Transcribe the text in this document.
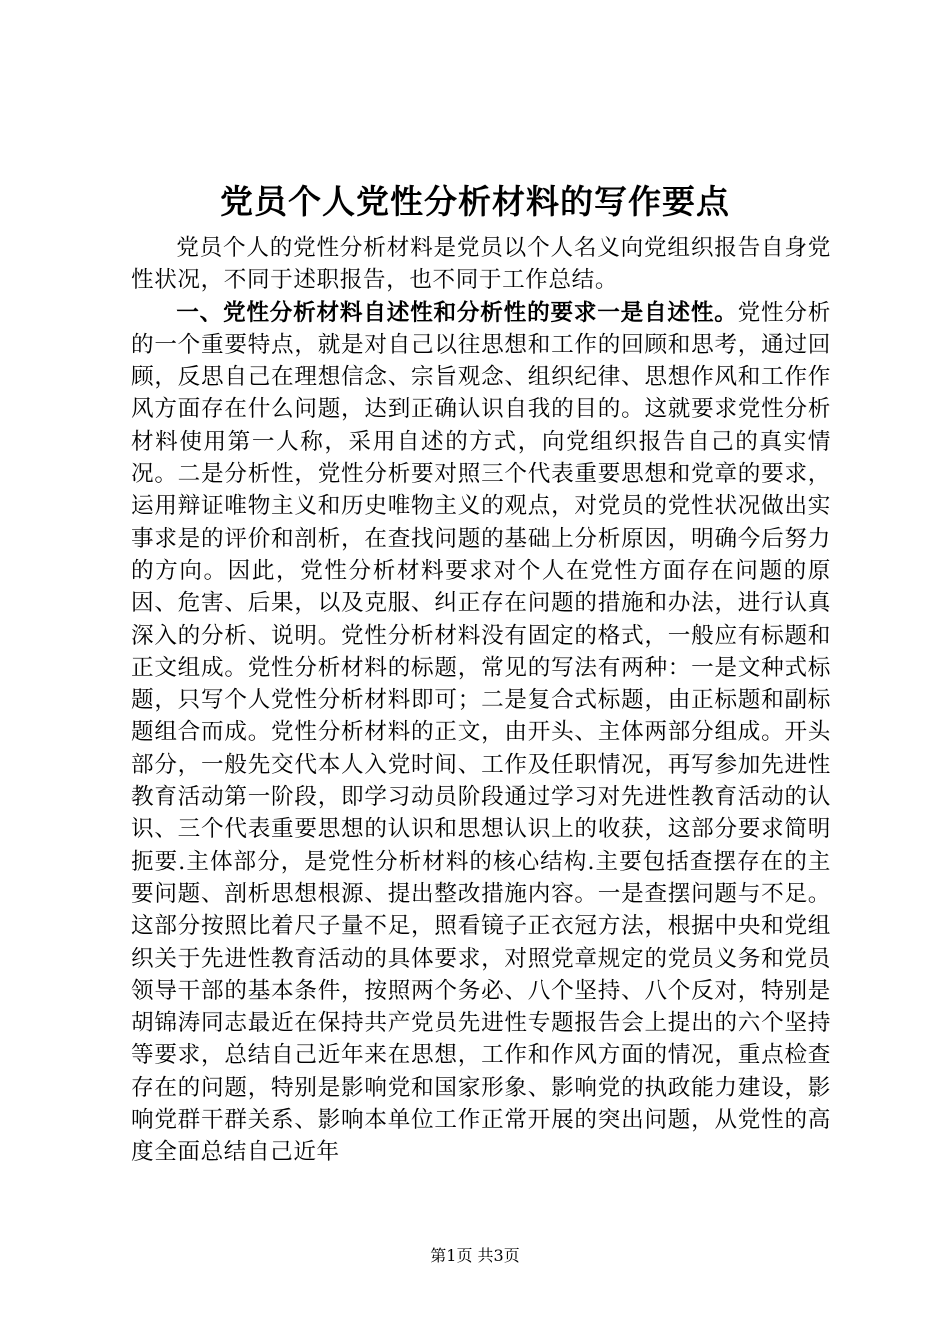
党员个人党性分析材料的写作要点

党员个人的党性分析材料是党员以个人名义向党组织报告自身党性状况，不同于述职报告，也不同于工作总结。

一、党性分析材料自述性和分析性的要求一是自述性。党性分析的一个重要特点，就是对自己以往思想和工作的回顾和思考，通过回顾，反思自己在理想信念、宗旨观念、组织纪律、思想作风和工作作风方面存在什么问题，达到正确认识自我的目的。这就要求党性分析材料使用第一人称，采用自述的方式，向党组织报告自己的真实情况。二是分析性，党性分析要对照三个代表重要思想和党章的要求，运用辩证唯物主义和历史唯物主义的观点，对党员的党性状况做出实事求是的评价和剖析，在查找问题的基础上分析原因，明确今后努力的方向。因此，党性分析材料要求对个人在党性方面存在问题的原因、危害、后果，以及克服、纠正存在问题的措施和办法，进行认真深入的分析、说明。党性分析材料没有固定的格式，一般应有标题和正文组成。党性分析材料的标题，常见的写法有两种：一是文种式标题，只写个人党性分析材料即可；二是复合式标题，由正标题和副标题组合而成。党性分析材料的正文，由开头、主体两部分组成。开头部分，一般先交代本人入党时间、工作及任职情况，再写参加先进性教育活动第一阶段，即学习动员阶段通过学习对先进性教育活动的认识、三个代表重要思想的认识和思想认识上的收获，这部分要求简明扼要.主体部分，是党性分析材料的核心结构.主要包括查摆存在的主要问题、剖析思想根源、提出整改措施内容。一是查摆问题与不足。这部分按照比着尺子量不足，照看镜子正衣冠方法，根据中央和党组织关于先进性教育活动的具体要求，对照党章规定的党员义务和党员领导干部的基本条件，按照两个务必、八个坚持、八个反对，特别是胡锦涛同志最近在保持共产党员先进性专题报告会上提出的六个坚持等要求，总结自己近年来在思想，工作和作风方面的情况，重点检查存在的问题，特别是影响党和国家形象、影响党的执政能力建设，影响党群干群关系、影响本单位工作正常开展的突出问题，从党性的高度全面总结自己近年

第1页 共3页
